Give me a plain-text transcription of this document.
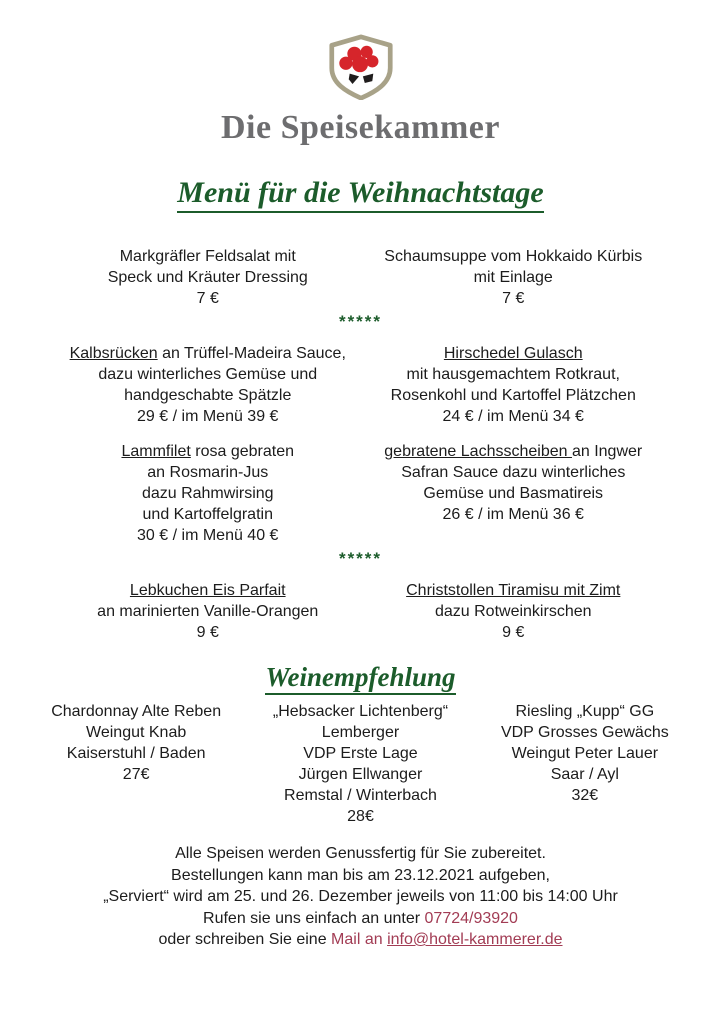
Die Speisekammer
Menü für die Weihnachtstage
Markgräfler Feldsalat mit
Speck und Kräuter Dressing
7 €
Schaumsuppe vom Hokkaido Kürbis
mit Einlage
7 €
*****
Kalbsrücken an Trüffel-Madeira Sauce,
dazu winterliches Gemüse und
handgeschabte Spätzle
29 € / im Menü 39 €
Hirschedel Gulasch
mit hausgemachtem Rotkraut,
Rosenkohl und Kartoffel Plätzchen
24 € / im Menü 34 €
Lammfilet rosa gebraten
an Rosmarin-Jus
dazu Rahmwirsing
und Kartoffelgratin
30 € / im Menü 40 €
gebratene Lachsscheiben an Ingwer
Safran Sauce dazu winterliches
Gemüse und Basmatireis
26 € / im Menü 36 €
*****
Lebkuchen Eis Parfait
an marinierten Vanille-Orangen
9 €
Christstollen Tiramisu mit Zimt
dazu Rotweinkirschen
9 €
Weinempfehlung
Chardonnay Alte Reben
Weingut Knab
Kaiserstuhl / Baden
27€
„Hebsacker Lichtenberg“
Lemberger
VDP Erste Lage
Jürgen Ellwanger
Remstal / Winterbach
28€
Riesling „Kupp“ GG
VDP Grosses Gewächs
Weingut Peter Lauer
Saar / Ayl
32€
Alle Speisen werden Genussfertig für Sie zubereitet.
Bestellungen kann man bis am 23.12.2021 aufgeben,
„Serviert“ wird am 25. und 26. Dezember jeweils von 11:00 bis 14:00 Uhr
Rufen sie uns einfach an unter 07724/93920
oder schreiben Sie eine Mail an info@hotel-kammerer.de
